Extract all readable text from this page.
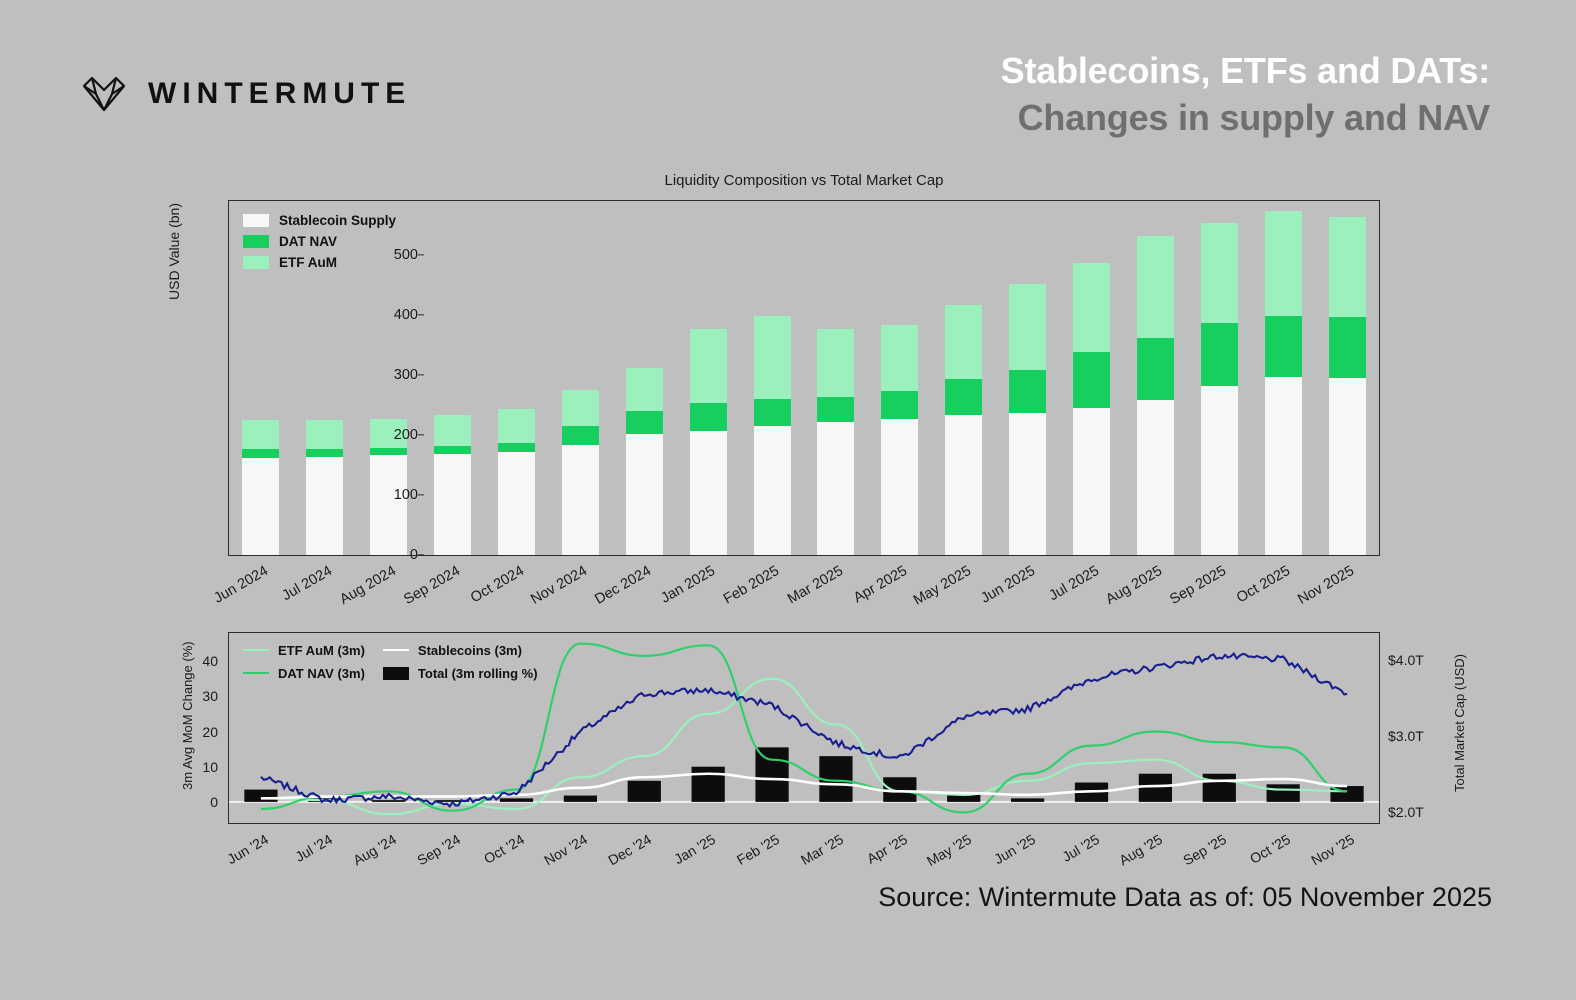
WINTERMUTE
Stablecoins, ETFs and DATs:
Changes in supply and NAV
Liquidity Composition vs Total Market Cap
USD Value (bn)
0
100
200
300
400
500
Jun 2024 Jul 2024 Aug 2024 Sep 2024 Oct 2024 Nov 2024 Dec 2024 Jan 2025 Feb 2025 Mar 2025 Apr 2025 May 2025 Jun 2025 Jul 2025 Aug 2025 Sep 2025 Oct 2025 Nov 2025
Stablecoin Supply
DAT NAV
ETF AuM
3m Avg MoM Change (%)	Total Market Cap (USD)
0
10
20
30
40
$2.0T
$3.0T
$4.0T
Jun '24	Jul '24	Aug '24	Sep '24	Oct '24	Nov '24	Dec '24	Jan '25	Feb '25	Mar '25	Apr '25 May '25	Jun '25	Jul '25	Aug '25	Sep '25	Oct '25	Nov '25
ETF AuM (3m)
DAT NAV (3m)
Stablecoins (3m)
Total (3m rolling %)
Source: Wintermute Data as of: 05 November 2025
